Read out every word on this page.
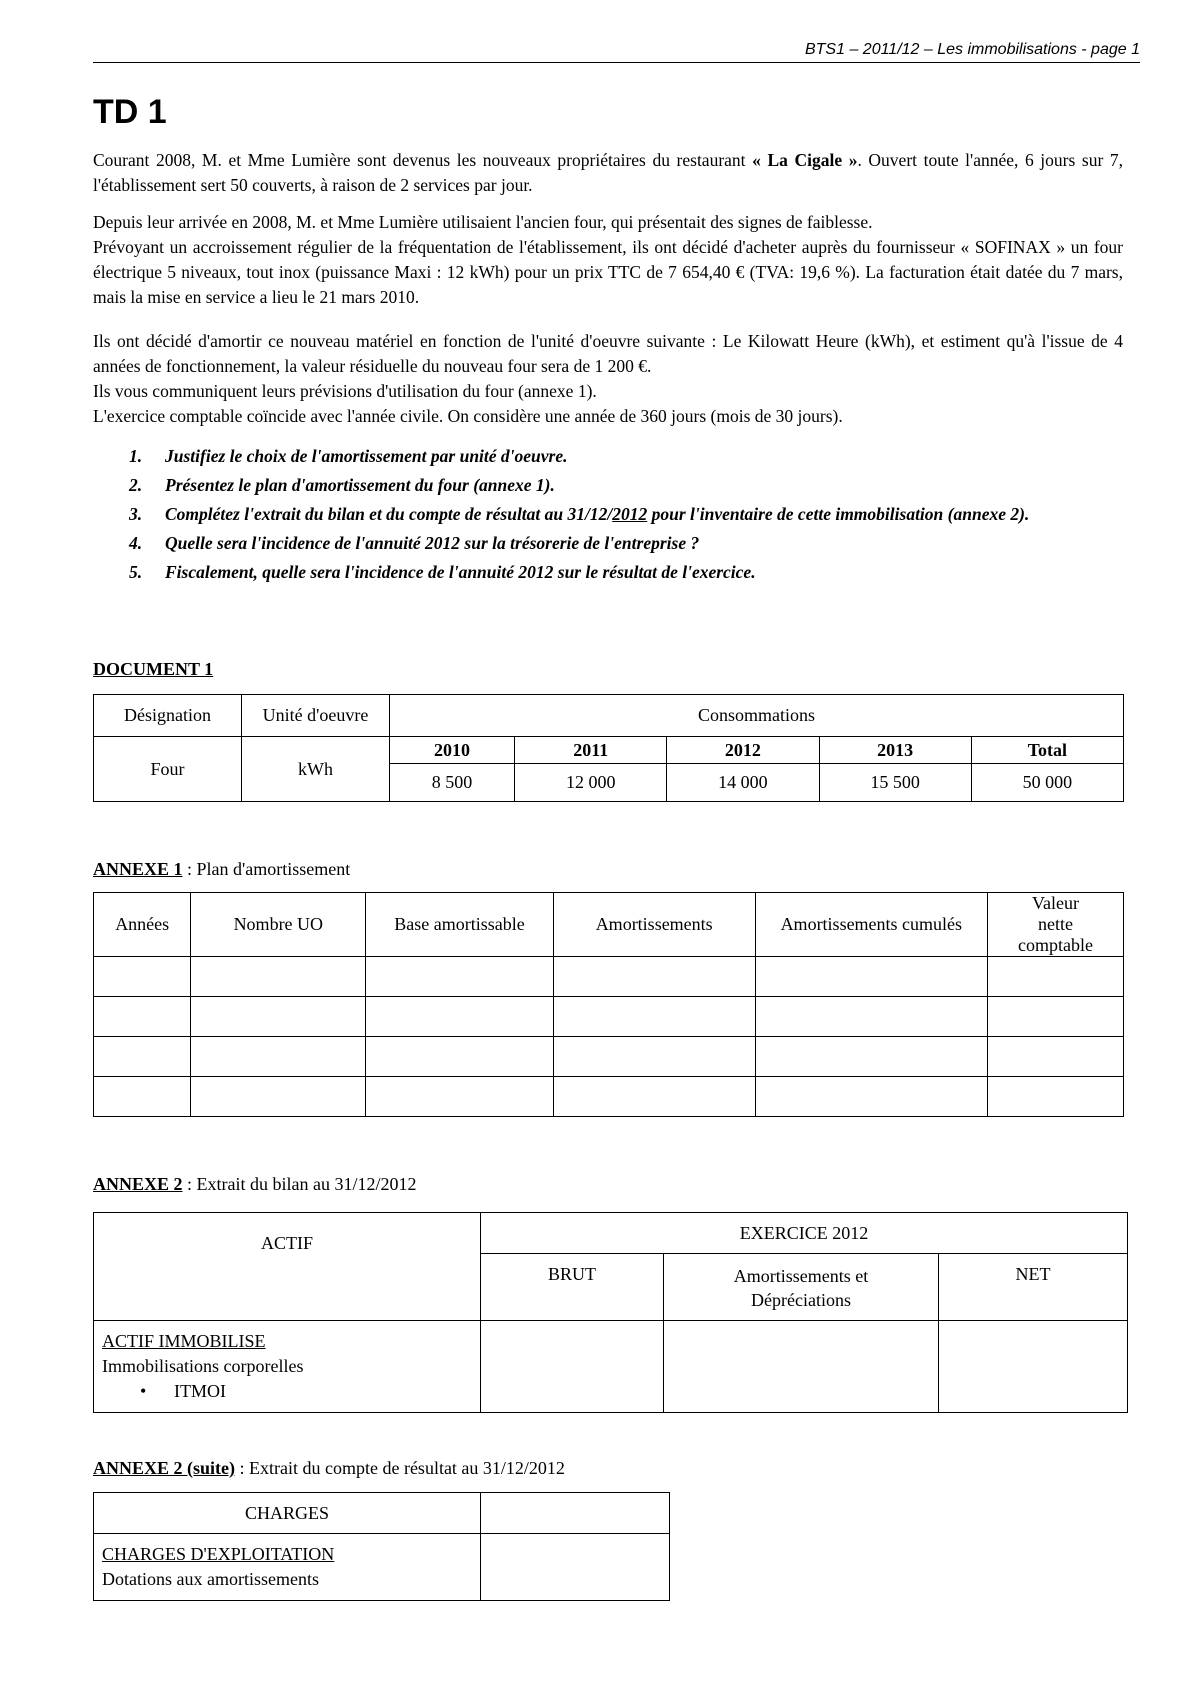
BTS1 – 2011/12 – Les immobilisations - page 1
TD 1

Courant 2008, M. et Mme Lumière sont devenus les nouveaux propriétaires du restaurant « La Cigale ». Ouvert toute l'année, 6 jours sur 7, l'établissement sert 50 couverts, à raison de 2 services par jour.

Depuis leur arrivée en 2008, M. et Mme Lumière utilisaient l'ancien four, qui présentait des signes de faiblesse.

Prévoyant un accroissement régulier de la fréquentation de l'établissement, ils ont décidé d'acheter auprès du fournisseur « SOFINAX » un four électrique 5 niveaux, tout inox (puissance Maxi : 12 kWh) pour un prix TTC de 7 654,40 € (TVA: 19,6 %). La facturation était datée du 7 mars, mais la mise en service a lieu le 21 mars 2010.

Ils ont décidé d'amortir ce nouveau matériel en fonction de l'unité d'oeuvre suivante : Le Kilowatt Heure (kWh), et estiment qu'à l'issue de 4 années de fonctionnement, la valeur résiduelle du nouveau four sera de 1 200 €.

Ils vous communiquent leurs prévisions d'utilisation du four (annexe 1).

L'exercice comptable coïncide avec l'année civile. On considère une année de 360 jours (mois de 30 jours).

1. Justifiez le choix de l'amortissement par unité d'oeuvre.
2. Présentez le plan d'amortissement du four (annexe 1).
3. Complétez l'extrait du bilan et du compte de résultat au 31/12/2012 pour l'inventaire de cette immobilisation (annexe 2).
4. Quelle sera l'incidence de l'annuité 2012 sur la trésorerie de l'entreprise ?
5. Fiscalement, quelle sera l'incidence de l'annuité 2012 sur le résultat de l'exercice.
DOCUMENT 1
Désignation	Unité d'oeuvre	Consommations				

Four	kWh	2010	2011	2012	2013	Total
		8 500	12 000	14 000	15 500	50 000
ANNEXE 1 : Plan d'amortissement
Années	Nombre UO	Base amortissable	Amortissements	Amortissements cumulés	Valeur nette comptable

ANNEXE 2 : Extrait du bilan au 31/12/2012
ACTIF	EXERCICE 2012		
	BRUT	Amortissements et Dépréciations	NET

ACTIF IMMOBILISE
Immobilisations corporelles
• ITMOI			

ANNEXE 2 (suite) : Extrait du compte de résultat au 31/12/2012
CHARGES	

CHARGES D'EXPLOITATION
Dotations aux amortissements	
